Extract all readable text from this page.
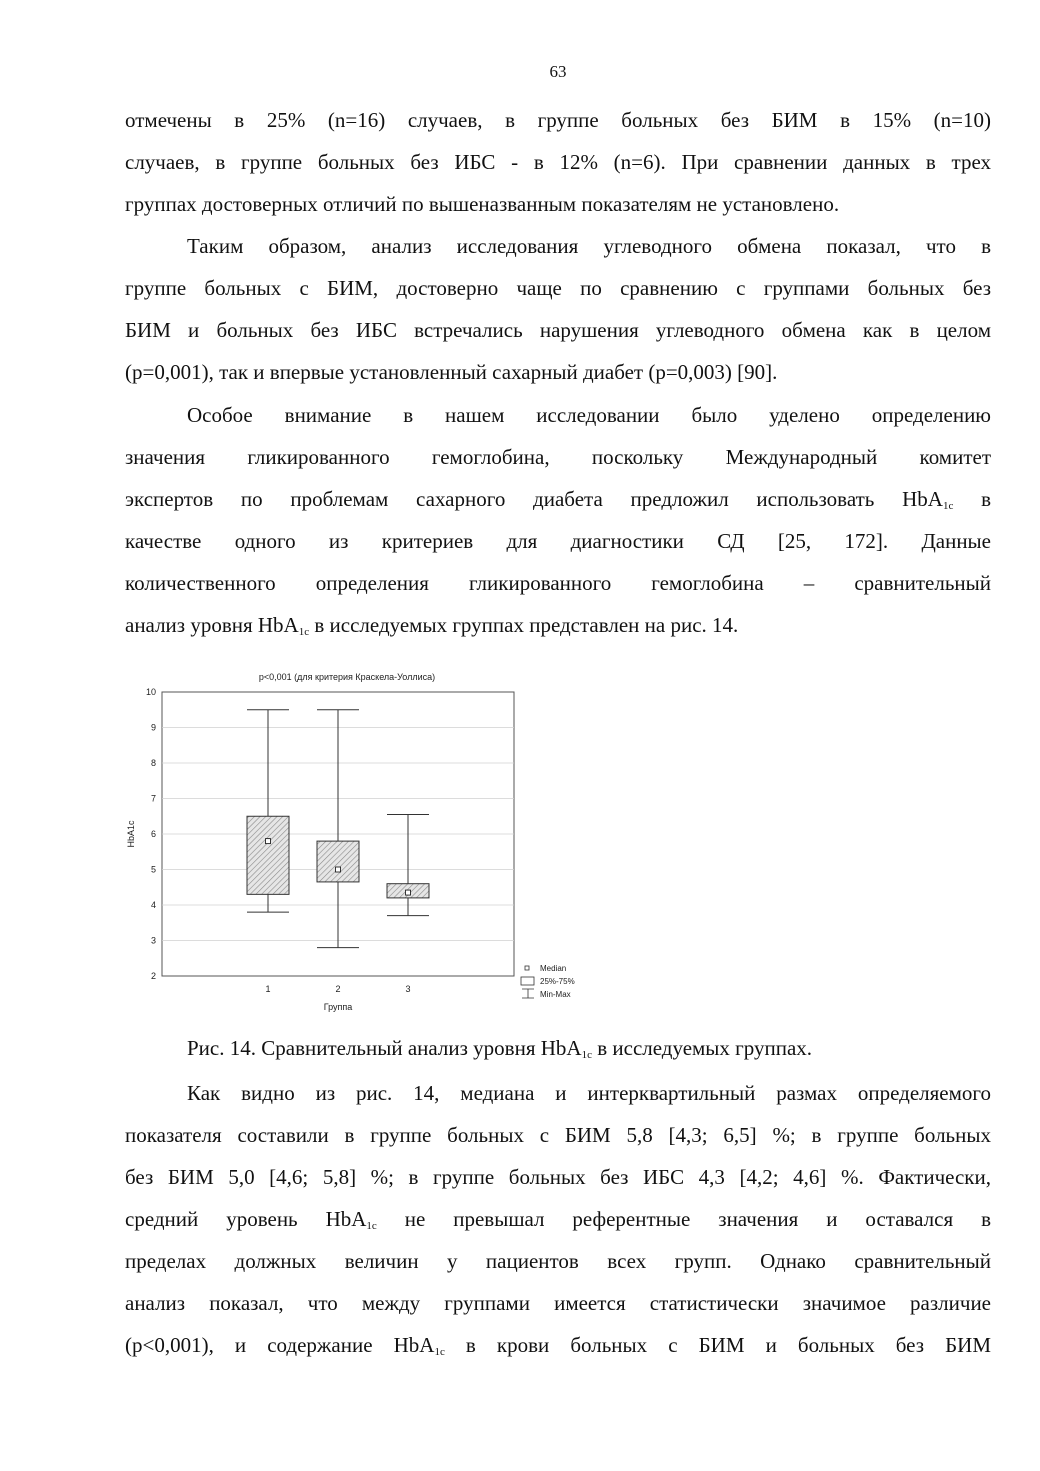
63
отмечены в 25% (n=16) случаев, в группе больных без БИМ в 15% (n=10)
случаев, в группе больных без ИБС - в 12% (n=6). При сравнении данных в трех
группах достоверных отличий по вышеназванным показателям не установлено.
Таким образом, анализ исследования углеводного обмена показал, что в
группе больных с БИМ, достоверно чаще по сравнению с группами больных без
БИМ и больных без ИБС встречались нарушения углеводного обмена как в целом
(p=0,001), так и впервые установленный сахарный диабет (p=0,003) [90].
Особое внимание в нашем исследовании было уделено определению
значения гликированного гемоглобина, поскольку Международный комитет
экспертов по проблемам сахарного диабета предложил использовать HbA$_{1c}$ в
качестве одного из критериев для диагностики СД [25, 172]. Данные
количественного определения гликированного гемоглобина – сравнительный
анализ уровня HbA$_{1c}$ в исследуемых группах представлен на рис. 14.
p<0,001 (для критерия Краскела-Уоллиса)
2
3
4
5
6
7
8
9
10
1	2	3
HbA1c
Группа
Median
25%-75%
Min-Max
Рис. 14. Сравнительный анализ уровня HbA$_{1c}$ в исследуемых группах.
Как видно из рис. 14, медиана и интерквартильный размах определяемого
показателя составили в группе больных с БИМ 5,8 [4,3; 6,5] %; в группе больных
без БИМ 5,0 [4,6; 5,8] %; в группе больных без ИБС 4,3 [4,2; 4,6] %. Фактически,
средний уровень HbA$_{1c}$ не превышал референтные значения и оставался в
пределах должных величин у пациентов всех групп. Однако сравнительный
анализ показал, что между группами имеется статистически значимое различие
(p<0,001), и содержание HbA$_{1c}$ в крови больных с БИМ и больных без БИМ
